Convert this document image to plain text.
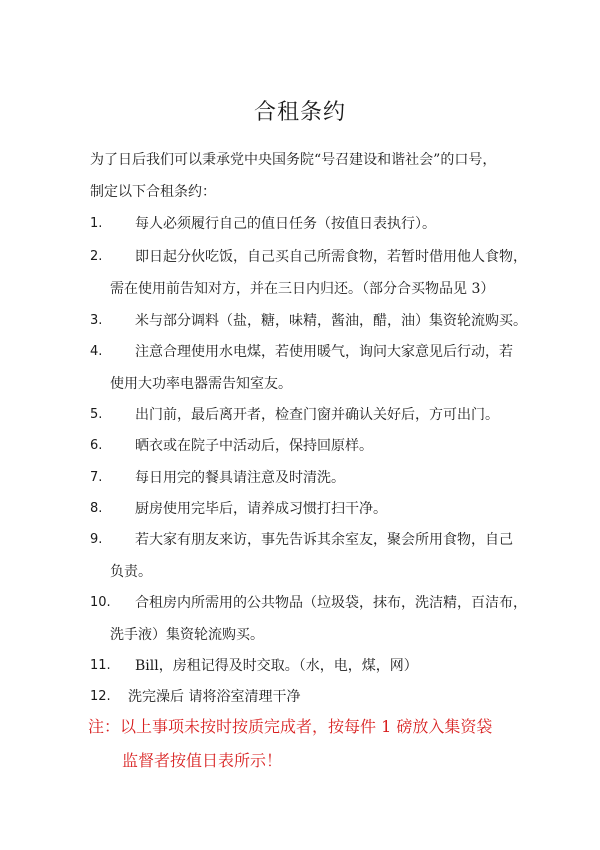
合租条约
为了日后我们可以秉承党中央国务院“号召建设和谐社会”的口号，
制定以下合租条约：
1. 每人必须履行自己的值日任务（按值日表执行）。
2. 即日起分伙吃饭，自己买自己所需食物，若暂时借用他人食物，
需在使用前告知对方，并在三日内归还。（部分合买物品见 3）
3. 米与部分调料（盐，糖，味精，酱油，醋，油）集资轮流购买。
4. 注意合理使用水电煤，若使用暖气，询问大家意见后行动，若
使用大功率电器需告知室友。
5. 出门前，最后离开者，检查门窗并确认关好后，方可出门。
6. 晒衣或在院子中活动后，保持回原样。
7. 每日用完的餐具请注意及时清洗。
8. 厨房使用完毕后，请养成习惯打扫干净。
9. 若大家有朋友来访，事先告诉其余室友，聚会所用食物，自己
负责。
10. 合租房内所需用的公共物品（垃圾袋，抹布，洗洁精，百洁布，
洗手液）集资轮流购买。
11. Bill，房租记得及时交取。（水，电，煤，网）
12. 洗完澡后 请将浴室清理干净
注：以上事项未按时按质完成者，按每件 1 磅放入集资袋
监督者按值日表所示！
